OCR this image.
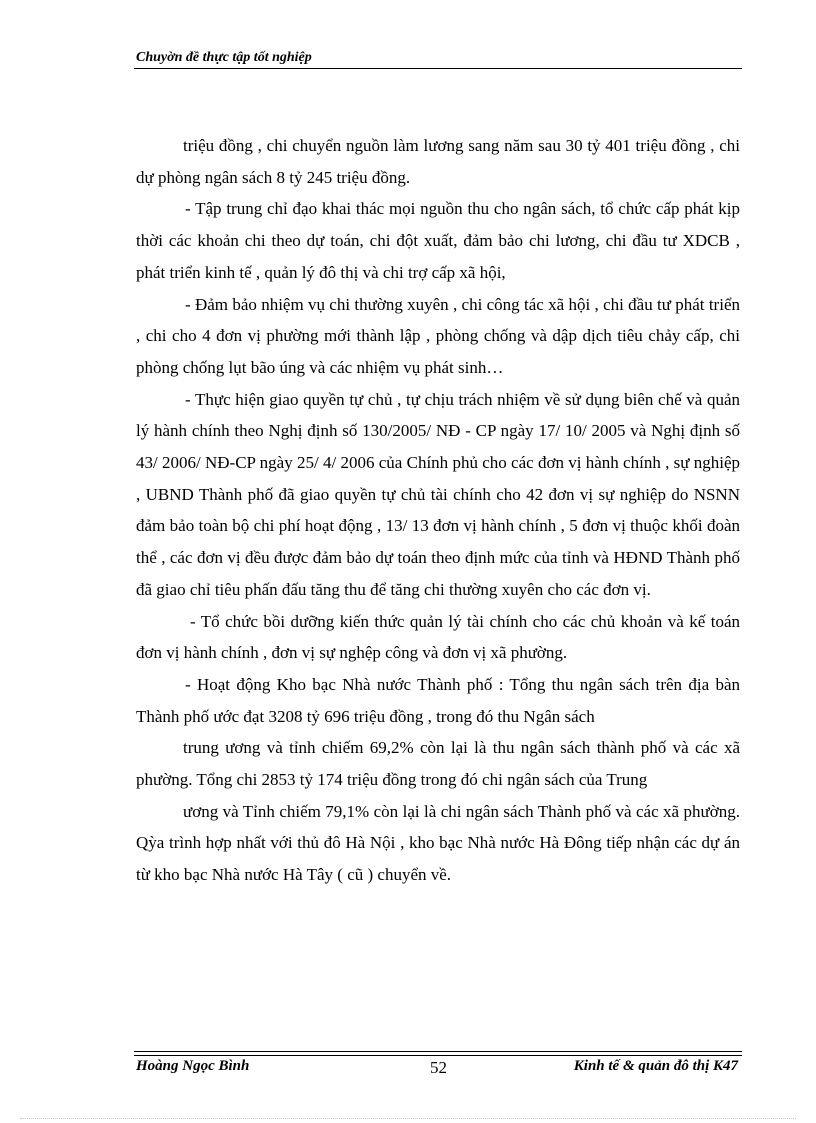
Chuyờn đề thực tập tốt nghiệp

triệu đồng , chi chuyển nguồn làm lương sang năm sau 30 tỷ 401 triệu đồng , chi dự phòng ngân sách 8 tỷ 245 triệu đồng.

- Tập trung chỉ đạo khai thác mọi nguồn thu cho ngân sách, tổ chức cấp phát kịp thời các khoản chi theo dự toán, chi đột xuất, đảm bảo chi lương, chi đầu tư XDCB , phát triển kinh tế , quản lý đô thị và chi trợ cấp xã hội,

- Đảm bảo nhiệm vụ chi thường xuyên , chi công tác xã hội , chi đầu tư phát triển , chi cho 4 đơn vị phường mới thành lập , phòng chống và dập dịch tiêu chảy cấp, chi phòng chống lụt bão úng và các nhiệm vụ phát sinh…

- Thực hiện giao quyền tự chủ , tự chịu trách nhiệm về sử dụng biên chế và quản lý hành chính theo Nghị định số 130/2005/ NĐ - CP ngày 17/ 10/ 2005 và Nghị định số 43/ 2006/ NĐ-CP ngày 25/ 4/ 2006 của Chính phủ cho các đơn vị hành chính , sự nghiệp , UBND Thành phố đã giao quyền tự chủ tài chính cho 42 đơn vị sự nghiệp do NSNN đảm bảo toàn bộ chi phí hoạt động , 13/ 13 đơn vị hành chính , 5 đơn vị thuộc khối đoàn thể , các đơn vị đều được đảm bảo dự toán theo định mức của tỉnh và HĐND Thành phố đã giao chỉ tiêu phấn đấu tăng thu để tăng chi thường xuyên cho các đơn vị.

- Tổ chức bồi dưỡng kiến thức quản lý tài chính cho các chủ khoản và kế toán đơn vị hành chính , đơn vị sự nghệp công và đơn vị xã phường.

- Hoạt động Kho bạc Nhà nước Thành phố : Tổng thu ngân sách trên địa bàn Thành phố ước đạt 3208 tỷ 696 triệu đồng , trong đó thu Ngân sách

trung ương và tỉnh chiếm 69,2% còn lại là thu ngân sách thành phố và các xã phường. Tổng chi 2853 tỷ 174 triệu đồng trong đó chi ngân sách của Trung

ương và Tỉnh chiếm 79,1% còn lại là chi ngân sách Thành phố và các xã phường. Qỳa trình hợp nhất với thủ đô Hà Nội , kho bạc Nhà nước Hà Đông tiếp nhận các dự án từ kho bạc Nhà nước Hà Tây ( cũ ) chuyển về.

Hoàng Ngọc Bình	52	Kinh tế & quản đô thị K47
